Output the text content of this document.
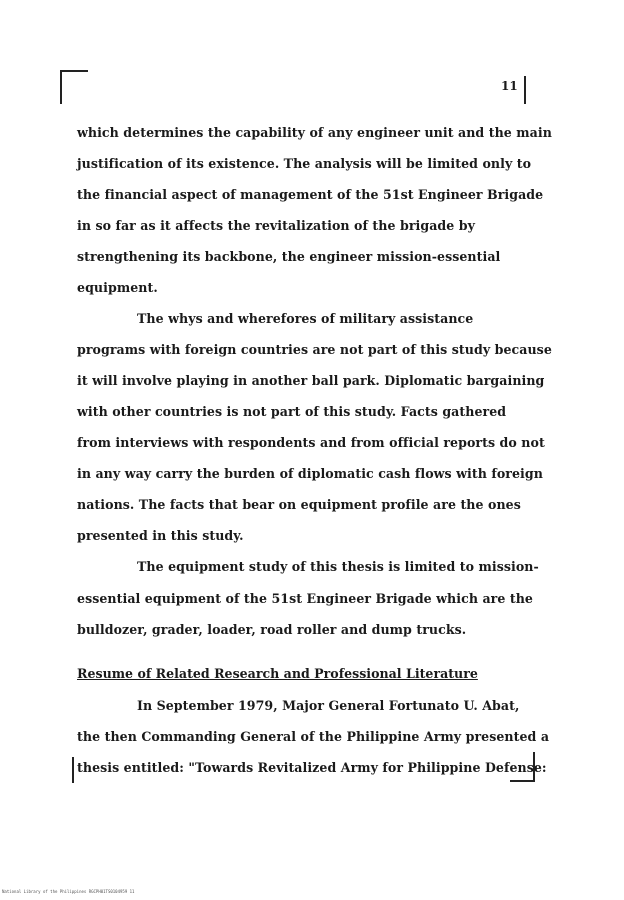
11
which determines the capability of any engineer unit and the main
justification of its existence. The analysis will be limited only to
the financial aspect of management of the 51st Engineer Brigade
in so far as it affects the revitalization of the brigade by
strengthening its backbone, the engineer mission-essential
equipment.
The whys and wherefores of military assistance
programs with foreign countries are not part of this study because
it will involve playing in another ball park. Diplomatic bargaining
with other countries is not part of this study. Facts gathered
from interviews with respondents and from official reports do not
in any way carry the burden of diplomatic cash flows with foreign
nations. The facts that bear on equipment profile are the ones
presented in this study.
The equipment study of this thesis is limited to mission-
essential equipment of the 51st Engineer Brigade which are the
bulldozer, grader, loader, road roller and dump trucks.
Resume of Related Research and Professional Literature
In September 1979, Major General Fortunato U. Abat,
the then Commanding General of the Philippine Army presented a
thesis entitled: "Towards Revitalized Army for Philippine Defense:
National Library of the Philippines RGCPH01TS0104959 11
